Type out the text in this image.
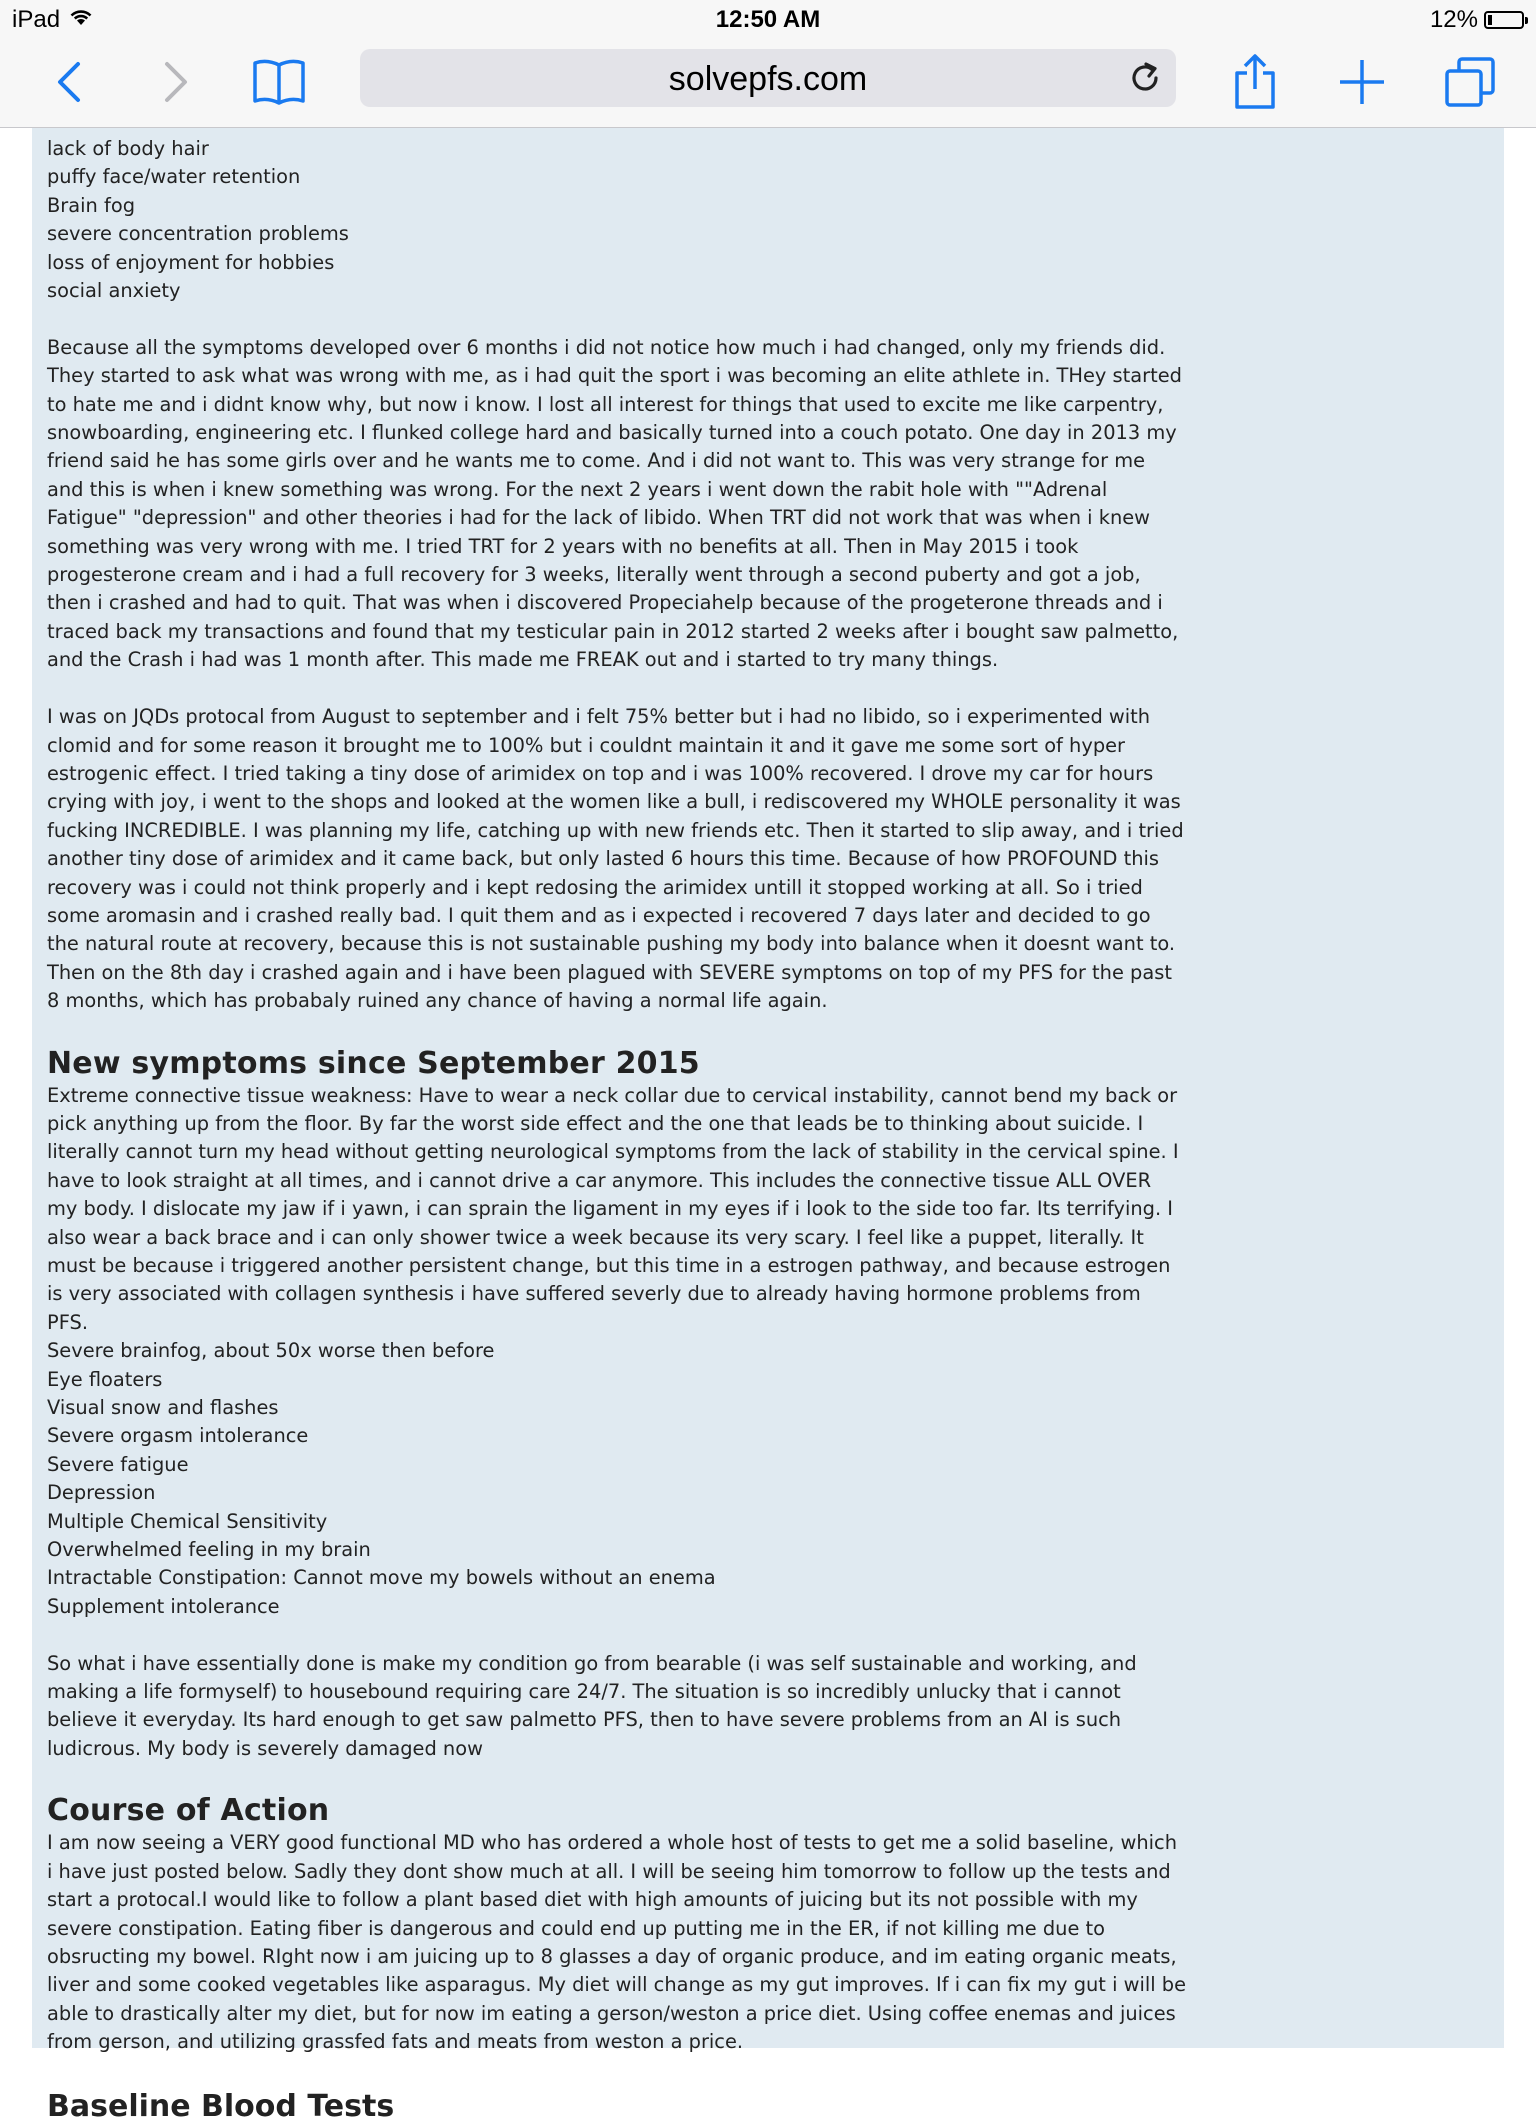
iPad	12:50 AM	12%
solvepfs.com
lack of body hair
puffy face/water retention
Brain fog
severe concentration problems
loss of enjoyment for hobbies
social anxiety

Because all the symptoms developed over 6 months i did not notice how much i had changed, only my friends did. They started to ask what was wrong with me, as i had quit the sport i was becoming an elite athlete in. THey started to hate me and i didnt know why, but now i know. I lost all interest for things that used to excite me like carpentry, snowboarding, engineering etc. I flunked college hard and basically turned into a couch potato. One day in 2013 my friend said he has some girls over and he wants me to come. And i did not want to. This was very strange for me and this is when i knew something was wrong. For the next 2 years i went down the rabit hole with ""Adrenal Fatigue" "depression" and other theories i had for the lack of libido. When TRT did not work that was when i knew something was very wrong with me. I tried TRT for 2 years with no benefits at all. Then in May 2015 i took progesterone cream and i had a full recovery for 3 weeks, literally went through a second puberty and got a job, then i crashed and had to quit. That was when i discovered Propeciahelp because of the progeterone threads and i traced back my transactions and found that my testicular pain in 2012 started 2 weeks after i bought saw palmetto, and the Crash i had was 1 month after. This made me FREAK out and i started to try many things.

I was on JQDs protocal from August to september and i felt 75% better but i had no libido, so i experimented with clomid and for some reason it brought me to 100% but i couldnt maintain it and it gave me some sort of hyper estrogenic effect. I tried taking a tiny dose of arimidex on top and i was 100% recovered. I drove my car for hours crying with joy, i went to the shops and looked at the women like a bull, i rediscovered my WHOLE personality it was fucking INCREDIBLE. I was planning my life, catching up with new friends etc. Then it started to slip away, and i tried another tiny dose of arimidex and it came back, but only lasted 6 hours this time. Because of how PROFOUND this recovery was i could not think properly and i kept redosing the arimidex untill it stopped working at all. So i tried some aromasin and i crashed really bad. I quit them and as i expected i recovered 7 days later and decided to go the natural route at recovery, because this is not sustainable pushing my body into balance when it doesnt want to. Then on the 8th day i crashed again and i have been plagued with SEVERE symptoms on top of my PFS for the past 8 months, which has probabaly ruined any chance of having a normal life again.

New symptoms since September 2015

Extreme connective tissue weakness: Have to wear a neck collar due to cervical instability, cannot bend my back or pick anything up from the floor. By far the worst side effect and the one that leads be to thinking about suicide. I literally cannot turn my head without getting neurological symptoms from the lack of stability in the cervical spine. I have to look straight at all times, and i cannot drive a car anymore. This includes the connective tissue ALL OVER my body. I dislocate my jaw if i yawn, i can sprain the ligament in my eyes if i look to the side too far. Its terrifying. I also wear a back brace and i can only shower twice a week because its very scary. I feel like a puppet, literally. It must be because i triggered another persistent change, but this time in a estrogen pathway, and because estrogen is very associated with collagen synthesis i have suffered severly due to already having hormone problems from PFS.

Severe brainfog, about 50x worse then before
Eye floaters
Visual snow and flashes
Severe orgasm intolerance
Severe fatigue
Depression
Multiple Chemical Sensitivity
Overwhelmed feeling in my brain
Intractable Constipation: Cannot move my bowels without an enema
Supplement intolerance

So what i have essentially done is make my condition go from bearable (i was self sustainable and working, and making a life formyself) to housebound requiring care 24/7. The situation is so incredibly unlucky that i cannot believe it everyday. Its hard enough to get saw palmetto PFS, then to have severe problems from an AI is such ludicrous. My body is severely damaged now

Course of Action

I am now seeing a VERY good functional MD who has ordered a whole host of tests to get me a solid baseline, which i have just posted below. Sadly they dont show much at all. I will be seeing him tomorrow to follow up the tests and start a protocal.I would like to follow a plant based diet with high amounts of juicing but its not possible with my severe constipation. Eating fiber is dangerous and could end up putting me in the ER, if not killing me due to obsructing my bowel. RIght now i am juicing up to 8 glasses a day of organic produce, and im eating organic meats, liver and some cooked vegetables like asparagus. My diet will change as my gut improves. If i can fix my gut i will be able to drastically alter my diet, but for now im eating a gerson/weston a price diet. Using coffee enemas and juices from gerson, and utilizing grassfed fats and meats from weston a price.

Baseline Blood Tests
